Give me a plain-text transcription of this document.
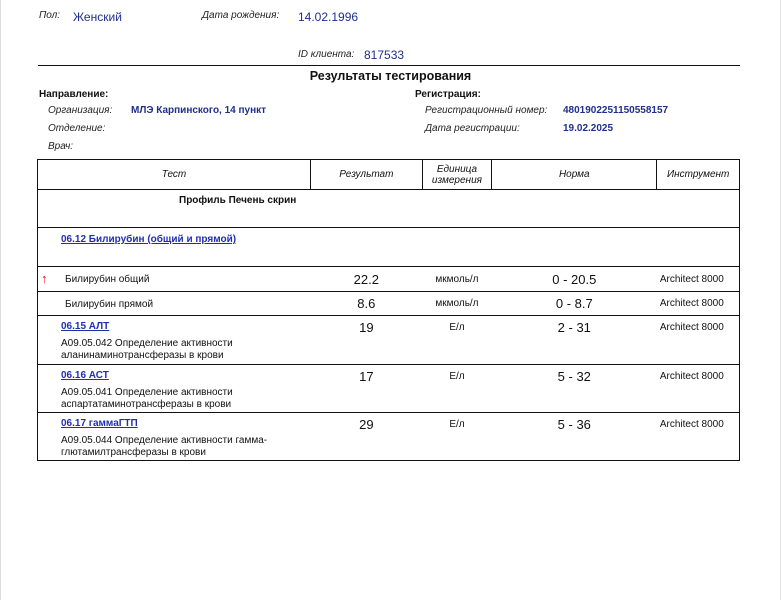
Пол: Женский	Дата рождения: 14.02.1996
ID клиента: 817533
Результаты тестирования
Направление:
Организация: МЛЭ Карпинского, 14 пункт
Отделение:
Врач:
Регистрация:
Регистрационный номер: 4801902251150558157
Дата регистрации:	19.02.2025
Тест	Результат	Единица измерения	Норма	Инструмент

Профиль Печень скрин				

06.12 Билирубин (общий и прямой)				

↑ Билирубин общий	22.2	мкмоль/л	0 - 20.5	Architect 8000
Билирубин прямой	8.6	мкмоль/л	0 - 8.7	Architect 8000

06.15 АЛТ
A09.05.042 Определение активности аланинаминотрансферазы в крови	19	Е/л	2 - 31	Architect 8000

06.16 АСТ
A09.05.041 Определение активности аспартатаминотрансферазы в крови	17	Е/л	5 - 32	Architect 8000

06.17 гаммаГТП
A09.05.044 Определение активности гамма-глютамилтрансферазы в крови	29	Е/л	5 - 36	Architect 8000
